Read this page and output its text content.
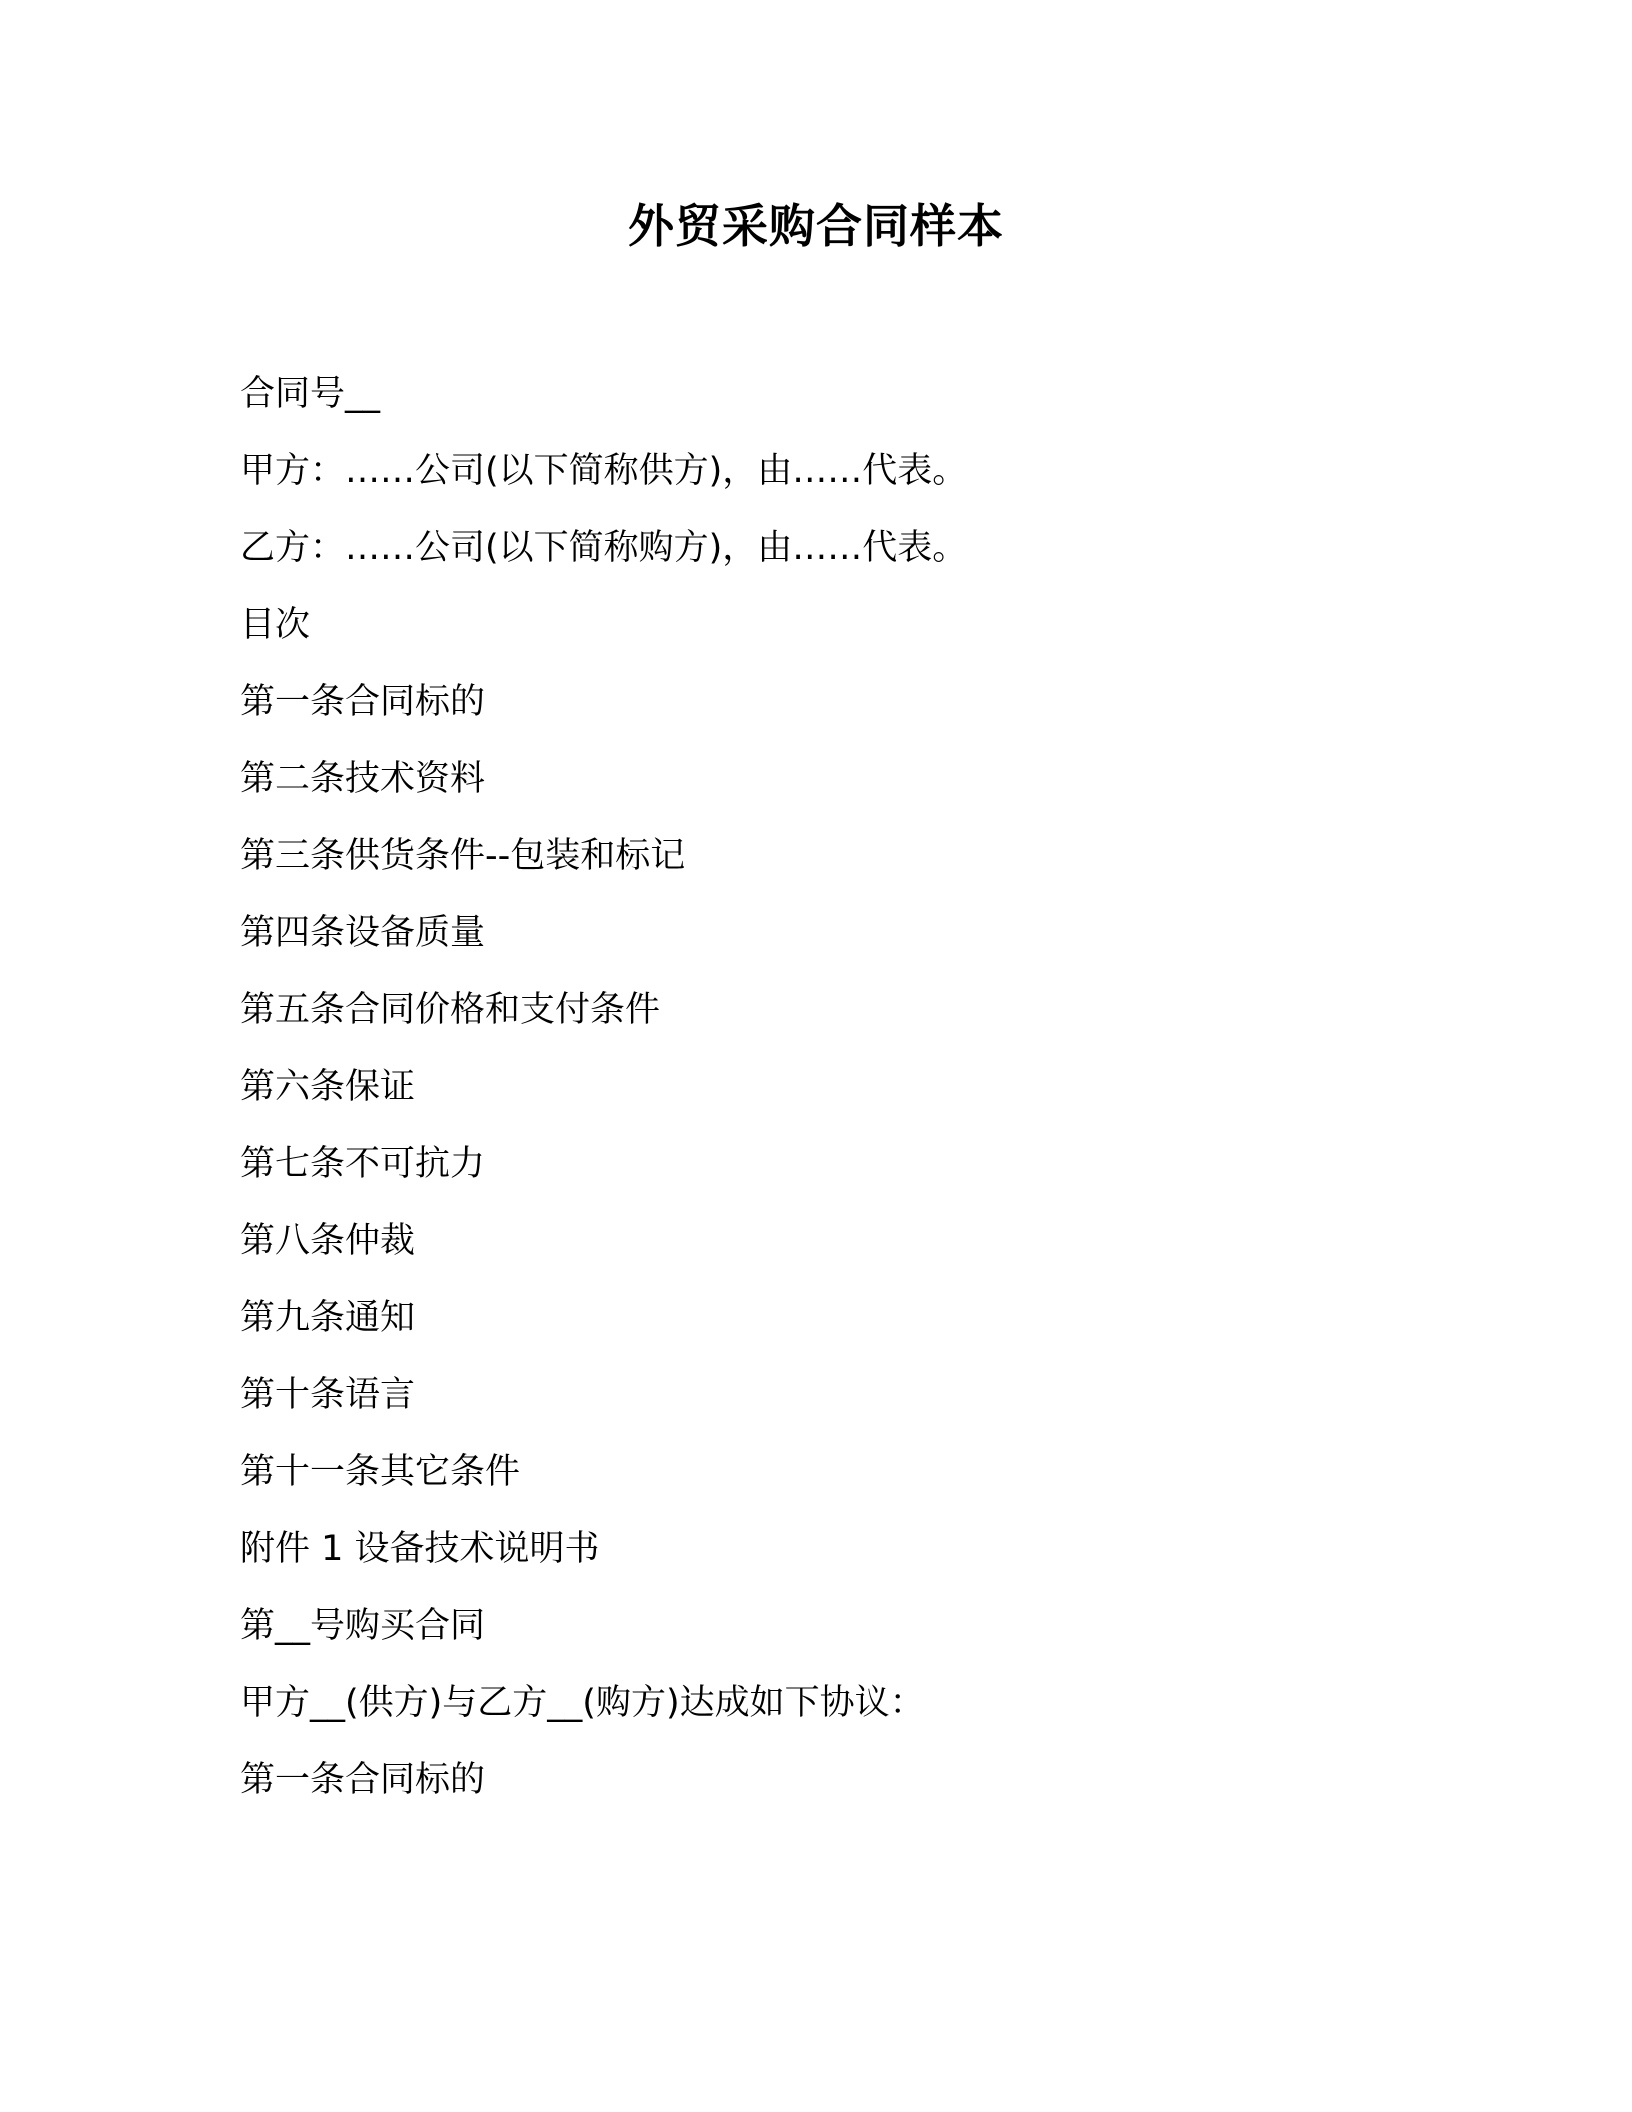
外贸采购合同样本
合同号__
甲方：……公司(以下简称供方)，由……代表。
乙方：……公司(以下简称购方)，由……代表。
目次
第一条合同标的
第二条技术资料
第三条供货条件--包装和标记
第四条设备质量
第五条合同价格和支付条件
第六条保证
第七条不可抗力
第八条仲裁
第九条通知
第十条语言
第十一条其它条件
附件 1 设备技术说明书
第__号购买合同
甲方__(供方)与乙方__(购方)达成如下协议：
第一条合同标的
